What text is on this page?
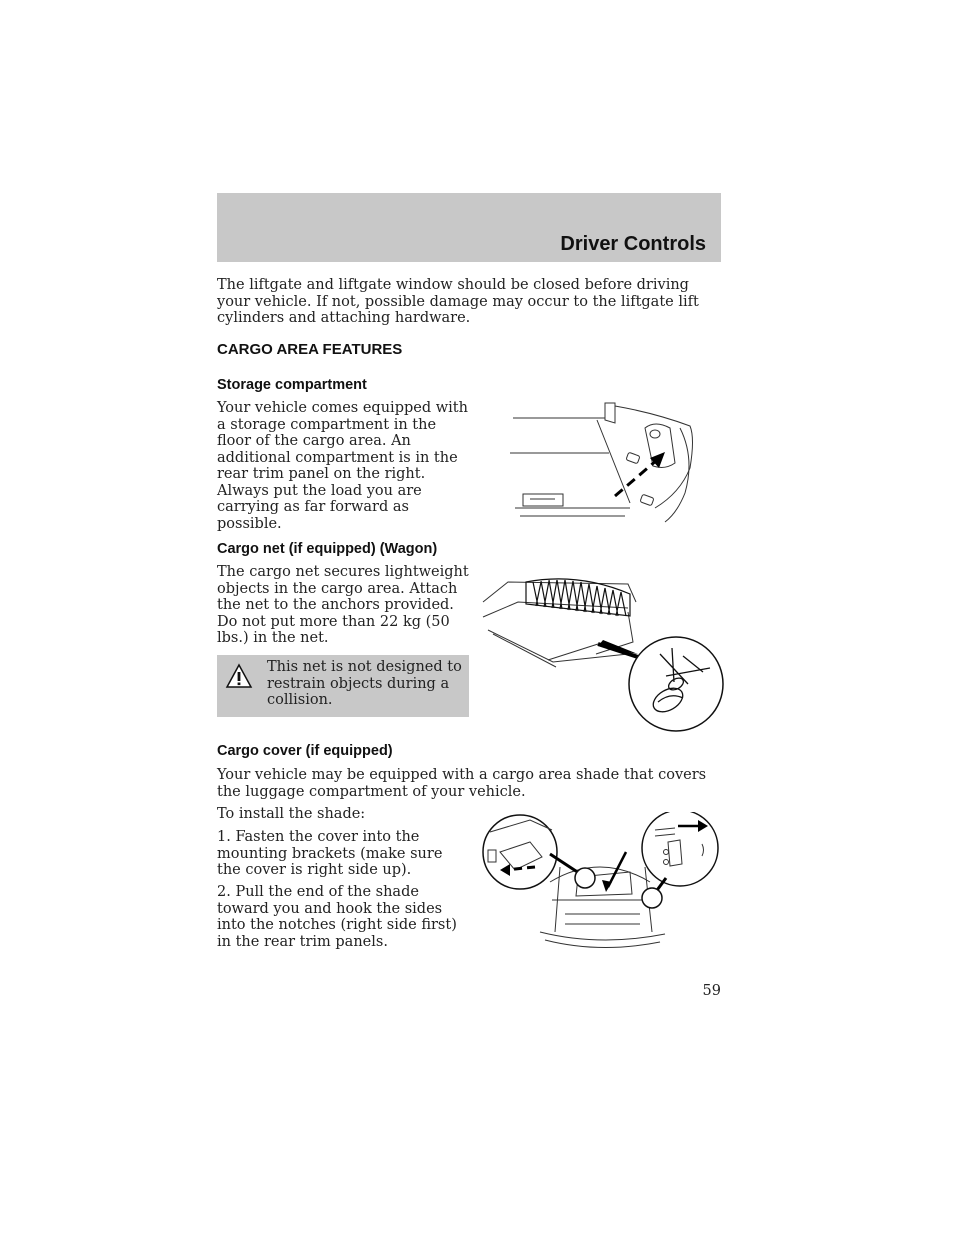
Driver Controls

The liftgate and liftgate window should be closed before driving your vehicle. If not, possible damage may occur to the liftgate lift cylinders and attaching hardware.

CARGO AREA FEATURES
Storage compartment

Your vehicle comes equipped with a storage compartment in the floor of the cargo area. An additional compartment is in the rear trim panel on the right. Always put the load you are carrying as far forward as possible.

Cargo net (if equipped) (Wagon)

The cargo net secures lightweight objects in the cargo area. Attach the net to the anchors provided. Do not put more than 22 kg (50 lbs.) in the net.

This net is not designed to restrain objects during a collision.

Cargo cover (if equipped)

Your vehicle may be equipped with a cargo area shade that covers the luggage compartment of your vehicle.

To install the shade:

1. Fasten the cover into the mounting brackets (make sure the cover is right side up).

2. Pull the end of the shade toward you and hook the sides into the notches (right side first) in the rear trim panels.

59
